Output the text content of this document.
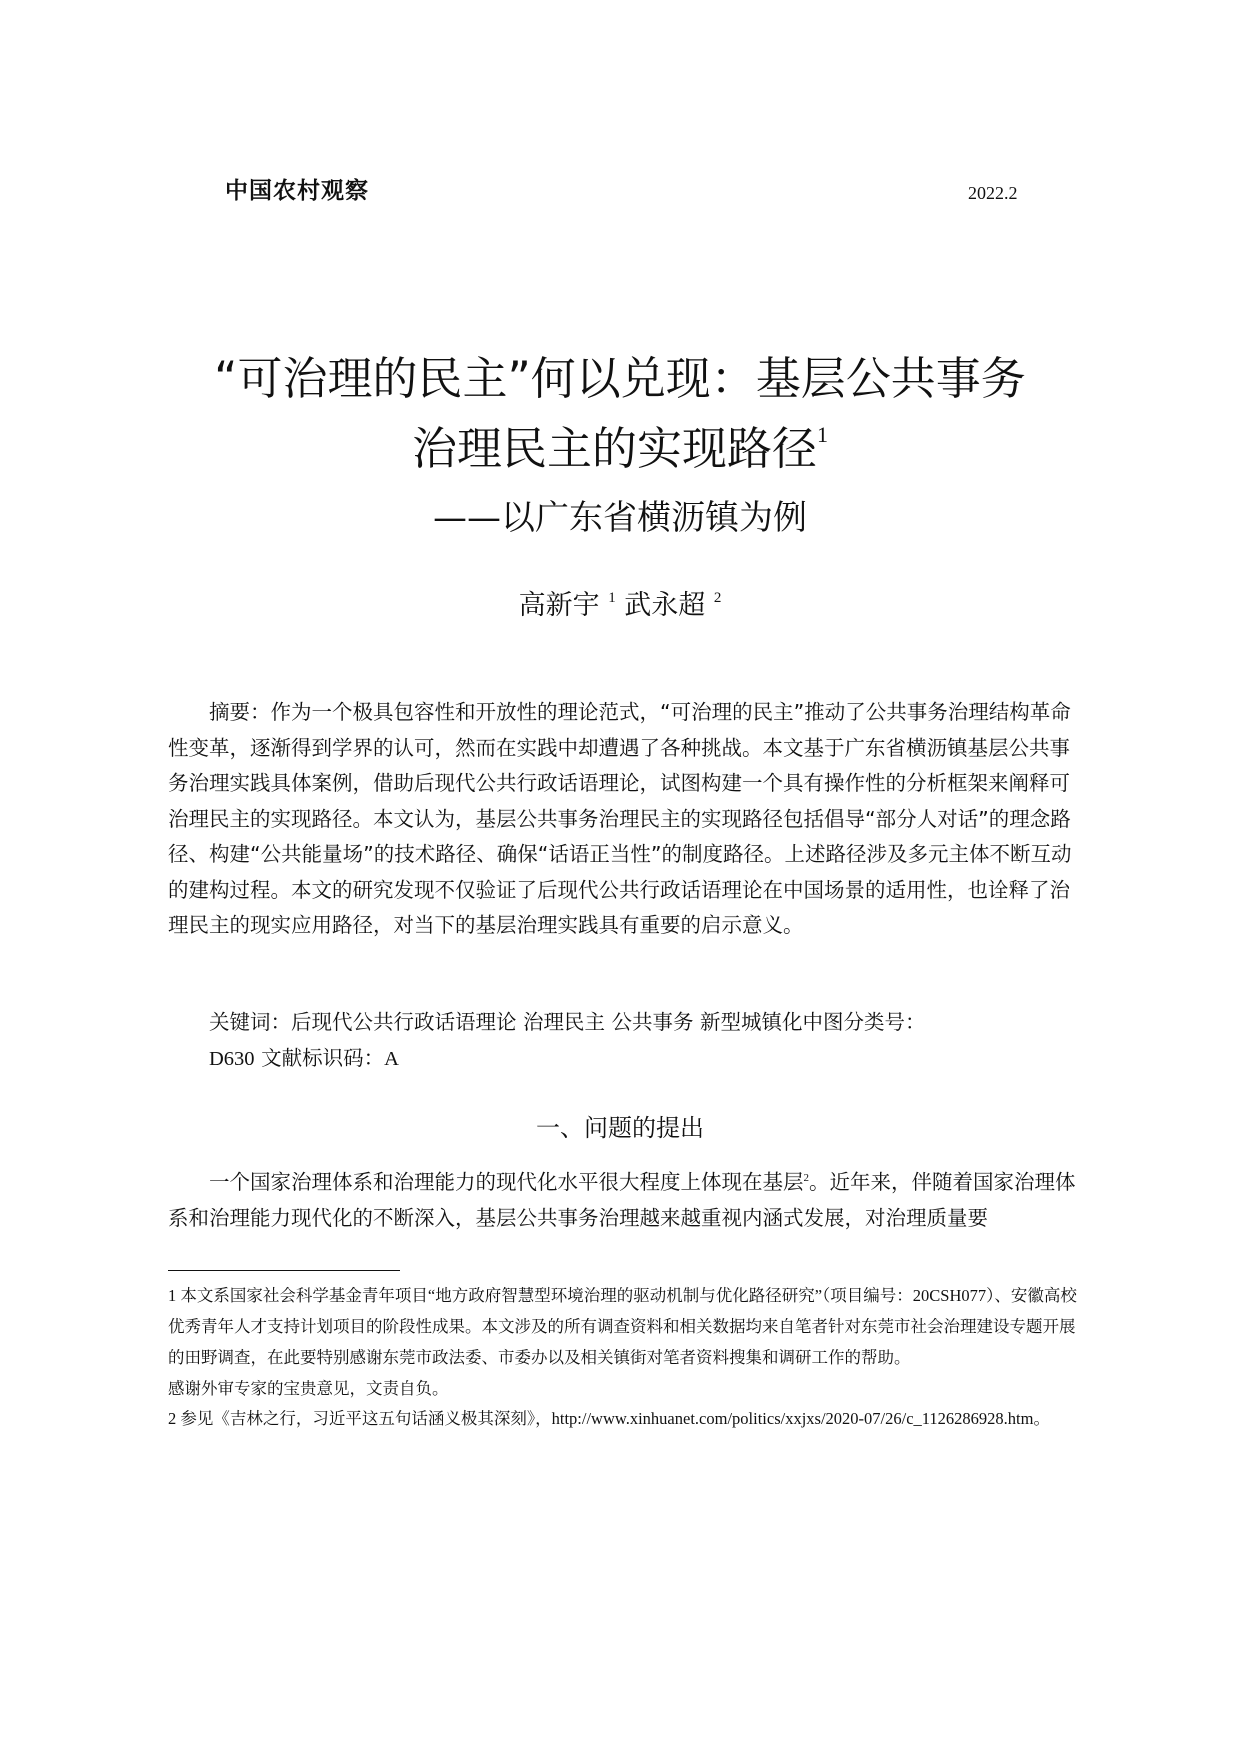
中国农村观察	2022.2
“可治理的民主”何以兑现：基层公共事务
治理民主的实现路径$^1$
——以广东省横沥镇为例
高新宇 $^1$ 武永超 $^2$

摘要：作为一个极具包容性和开放性的理论范式，“可治理的民主”推动了公共事务治理结构革命性变革，逐渐得到学界的认可，然而在实践中却遭遇了各种挑战。本文基于广东省横沥镇基层公共事务治理实践具体案例，借助后现代公共行政话语理论，试图构建一个具有操作性的分析框架来阐释可治理民主的实现路径。本文认为，基层公共事务治理民主的实现路径包括倡导“部分人对话”的理念路径、构建“公共能量场”的技术路径、确保“话语正当性”的制度路径。上述路径涉及多元主体不断互动的建构过程。本文的研究发现不仅验证了后现代公共行政话语理论在中国场景的适用性，也诠释了治理民主的现实应用路径，对当下的基层治理实践具有重要的启示意义。

关键词：后现代公共行政话语理论 治理民主 公共事务 新型城镇化中图分类号：
D630 文献标识码：A
一、问题的提出

一个国家治理体系和治理能力的现代化水平很大程度上体现在基层$^2$。近年来，伴随着国家治理体系和治理能力现代化的不断深入，基层公共事务治理越来越重视内涵式发展，对治理质量要

1 本文系国家社会科学基金青年项目“地方政府智慧型环境治理的驱动机制与优化路径研究”（项目编号：20CSH077）、安徽高校优秀青年人才支持计划项目的阶段性成果。本文涉及的所有调查资料和相关数据均来自笔者针对东莞市社会治理建设专题开展的田野调查，在此要特别感谢东莞市政法委、市委办以及相关镇街对笔者资料搜集和调研工作的帮助。
感谢外审专家的宝贵意见，文责自负。
2 参见《吉林之行，习近平这五句话涵义极其深刻》，http://www.xinhuanet.com/politics/xxjxs/2020-07/26/c_1126286928.htm。
